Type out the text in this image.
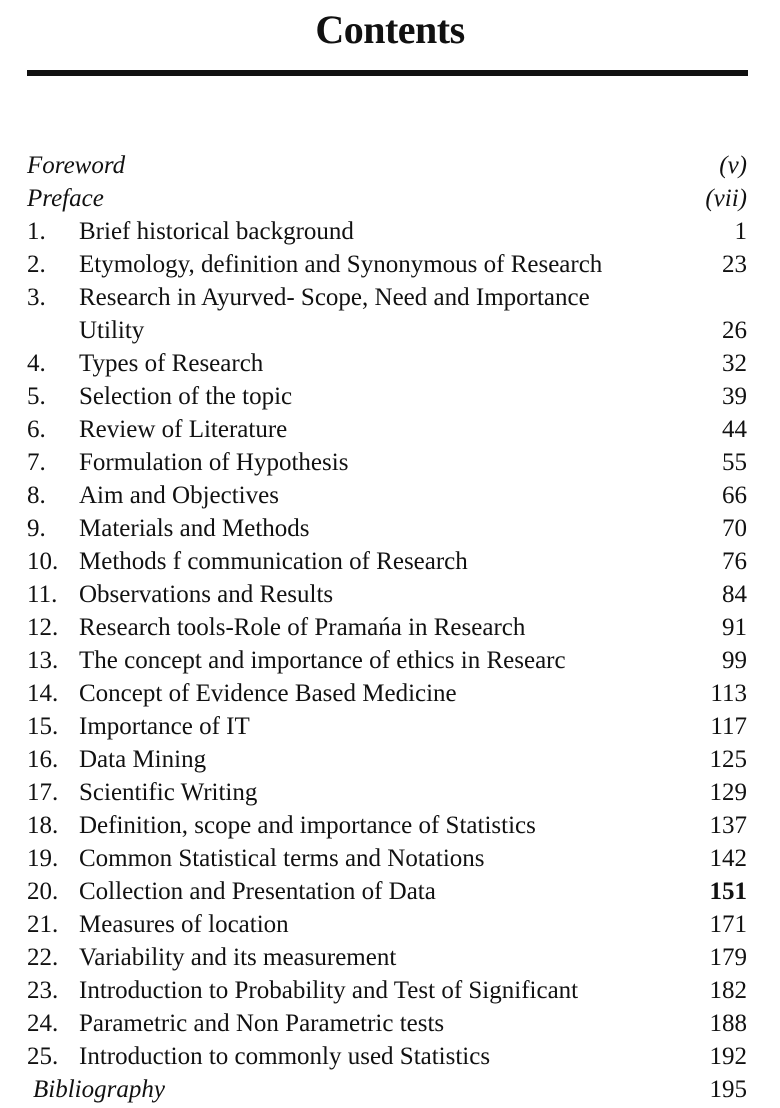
Contents
Foreword	(v)
Preface	(vii)
1.	Brief historical background	1
2.	Etymology, definition and Synonymous of Research	23
3.	Research in Ayurved- Scope, Need and Importance
Utility	26
4.	Types of Research	32
5.	Selection of the topic	39
6.	Review of Literature	44
7.	Formulation of Hypothesis	55
8.	Aim and Objectives	66
9.	Materials and Methods	70
10. Methods f communication of Research	76
11. Observations and Results	84
12. Research tools-Role of Pramańa in Research	91
13. The concept and importance of ethics in Researc	99
14. Concept of Evidence Based Medicine	113
15. Importance of IT	117
16. Data Mining	125
17. Scientific Writing	129
18. Definition, scope and importance of Statistics	137
19. Common Statistical terms and Notations	142
20. Collection and Presentation of Data	151
21. Measures of location	171
22. Variability and its measurement	179
23. Introduction to Probability and Test of Significant	182
24. Parametric and Non Parametric tests	188
25. Introduction to commonly used Statistics	192
Bibliography	195
